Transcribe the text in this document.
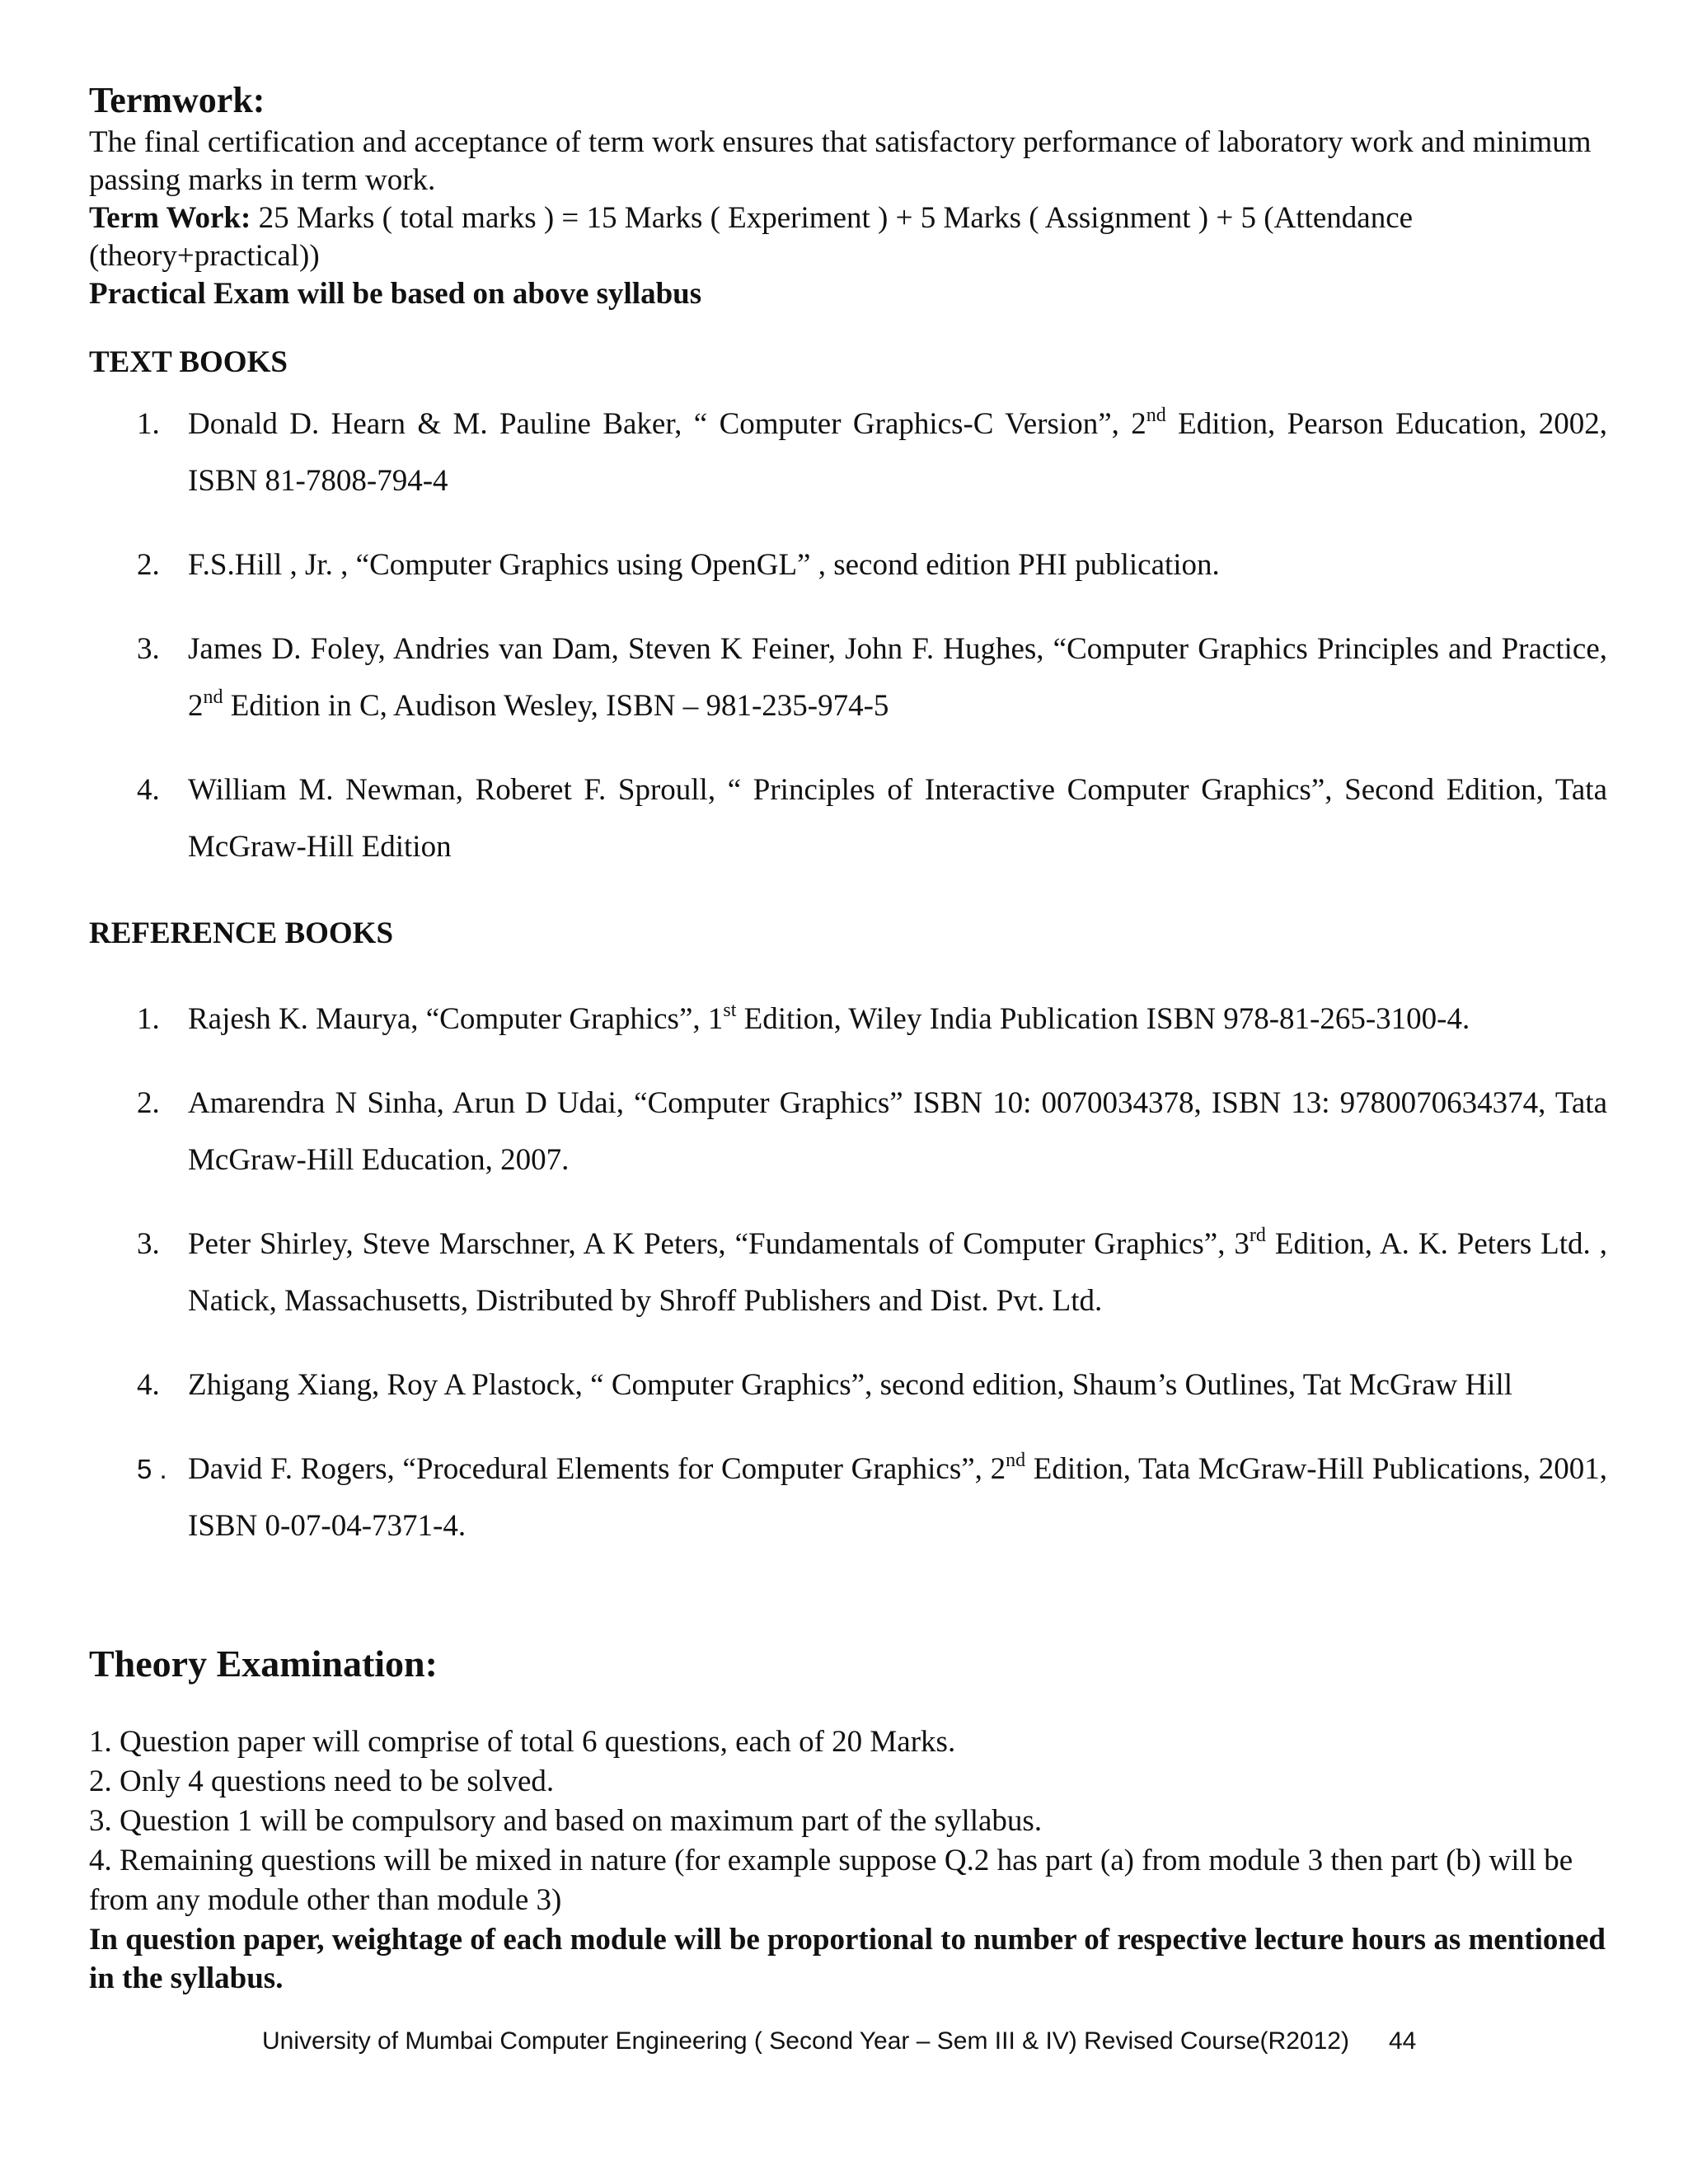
Termwork:

The final certification and acceptance of term work ensures that satisfactory performance of laboratory work and minimum passing marks in term work.

Term Work: 25 Marks ( total marks ) = 15 Marks ( Experiment ) + 5 Marks ( Assignment ) + 5 (Attendance (theory+practical))

Practical Exam will be based on above syllabus

TEXT BOOKS
1. Donald D. Hearn & M. Pauline Baker, “ Computer Graphics-C Version”, 2nd Edition, Pearson Education, 2002, ISBN 81-7808-794-4
2. F.S.Hill , Jr. , “Computer Graphics using OpenGL” , second edition PHI publication.
3. James D. Foley, Andries van Dam, Steven K Feiner, John F. Hughes, “Computer Graphics Principles and Practice, 2nd Edition in C, Audison Wesley, ISBN – 981-235-974-5
4. William M. Newman, Roberet F. Sproull, “ Principles of Interactive Computer Graphics”, Second Edition, Tata McGraw-Hill Edition
REFERENCE BOOKS
1. Rajesh K. Maurya, “Computer Graphics”, 1st Edition, Wiley India Publication ISBN 978-81-265-3100-4.
2. Amarendra N Sinha, Arun D Udai, “Computer Graphics” ISBN 10: 0070034378, ISBN 13: 9780070634374, Tata McGraw-Hill Education, 2007.
3. Peter Shirley, Steve Marschner, A K Peters, “Fundamentals of Computer Graphics”, 3rd Edition, A. K. Peters Ltd. , Natick, Massachusetts, Distributed by Shroff Publishers and Dist. Pvt. Ltd.
4. Zhigang Xiang, Roy A Plastock, “ Computer Graphics”, second edition, Shaum’s Outlines, Tat McGraw Hill
5 . David F. Rogers, “Procedural Elements for Computer Graphics”, 2nd Edition, Tata McGraw-Hill Publications, 2001, ISBN 0-07-04-7371-4.
Theory Examination:

1. Question paper will comprise of total 6 questions, each of 20 Marks.

2. Only 4 questions need to be solved.

3. Question 1 will be compulsory and based on maximum part of the syllabus.

4. Remaining questions will be mixed in nature (for example suppose Q.2 has part (a) from module 3 then part (b) will be from any module other than module 3)

In question paper, weightage of each module will be proportional to number of respective lecture hours as mentioned in the syllabus.

University of Mumbai Computer Engineering ( Second Year – Sem III & IV) Revised Course(R2012) 44
